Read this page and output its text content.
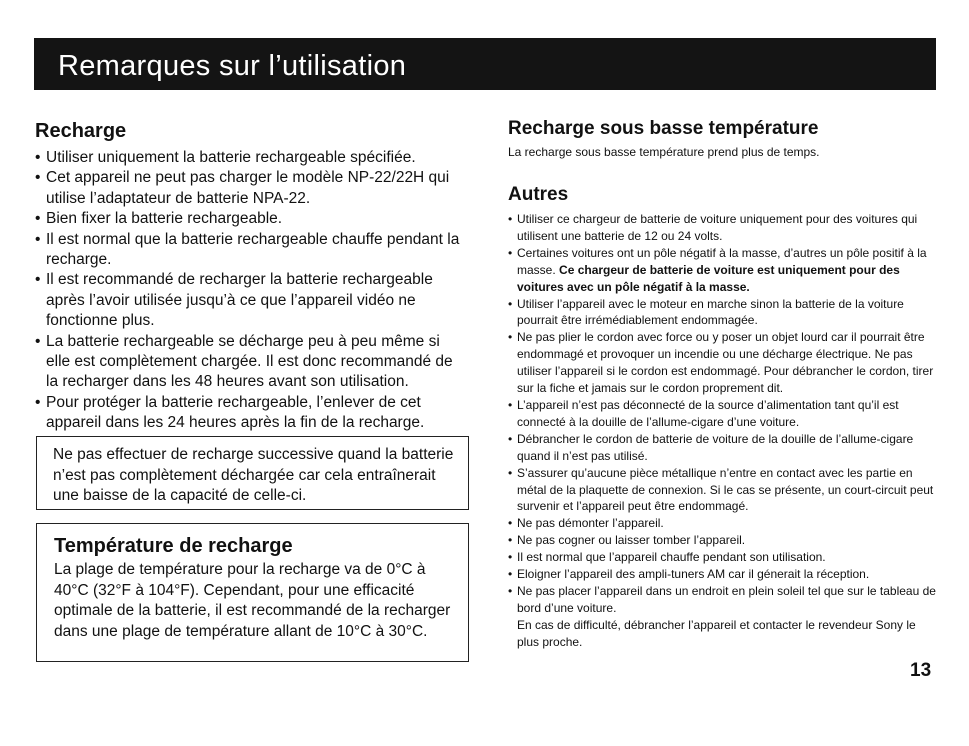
Remarques sur l’utilisation
Recharge
• Utiliser uniquement la batterie rechargeable spécifiée.
• Cet appareil ne peut pas charger le modèle NP-22/22H qui utilise l’adaptateur de batterie NPA-22.
• Bien fixer la batterie rechargeable.
• Il est normal que la batterie rechargeable chauffe pendant la recharge.
• Il est recommandé de recharger la batterie rechargeable après l’avoir utilisée jusqu’à ce que l’appareil vidéo ne fonctionne plus.
• La batterie rechargeable se décharge peu à peu même si elle est complètement chargée. Il est donc recommandé de la recharger dans les 48 heures avant son utilisation.
• Pour protéger la batterie rechargeable, l’enlever de cet appareil dans les 24 heures après la fin de la recharge.
Ne pas effectuer de recharge successive quand la batterie n’est pas complètement déchargée car cela entraînerait une baisse de la capacité de celle-ci.
Température de recharge
La plage de température pour la recharge va de 0°C à 40°C (32°F à 104°F). Cependant, pour une efficacité optimale de la batterie, il est recommandé de la recharger dans une plage de température allant de 10°C à 30°C.
Recharge sous basse température

La recharge sous basse température prend plus de temps.

Autres
• Utiliser ce chargeur de batterie de voiture uniquement pour des voitures qui utilisent une batterie de 12 ou 24 volts.
• Certaines voitures ont un pôle négatif à la masse, d’autres un pôle positif à la masse. Ce chargeur de batterie de voiture est uniquement pour des voitures avec un pôle négatif à la masse.
• Utiliser l’appareil avec le moteur en marche sinon la batterie de la voiture pourrait être irrémédiablement endommagée.
• Ne pas plier le cordon avec force ou y poser un objet lourd car il pourrait être endommagé et provoquer un incendie ou une décharge électrique. Ne pas utiliser l’appareil si le cordon est endommagé. Pour débrancher le cordon, tirer sur la fiche et jamais sur le cordon proprement dit.
• L’appareil n’est pas déconnecté de la source d’alimentation tant qu’il est connecté à la douille de l’allume-cigare d’une voiture.
• Débrancher le cordon de batterie de voiture de la douille de l’allume-cigare quand il n’est pas utilisé.
• S’assurer qu’aucune pièce métallique n’entre en contact avec les partie en métal de la plaquette de connexion. Si le cas se présente, un court-circuit peut survenir et l’appareil peut être endommagé.
• Ne pas démonter l’appareil.
• Ne pas cogner ou laisser tomber l’appareil.
• Il est normal que l’appareil chauffe pendant son utilisation.
• Eloigner l’appareil des ampli-tuners AM car il génerait la réception.
• Ne pas placer l’appareil dans un endroit en plein soleil tel que sur le tableau de bord d’une voiture.
En cas de difficulté, débrancher l’appareil et contacter le revendeur Sony le plus proche.
13
